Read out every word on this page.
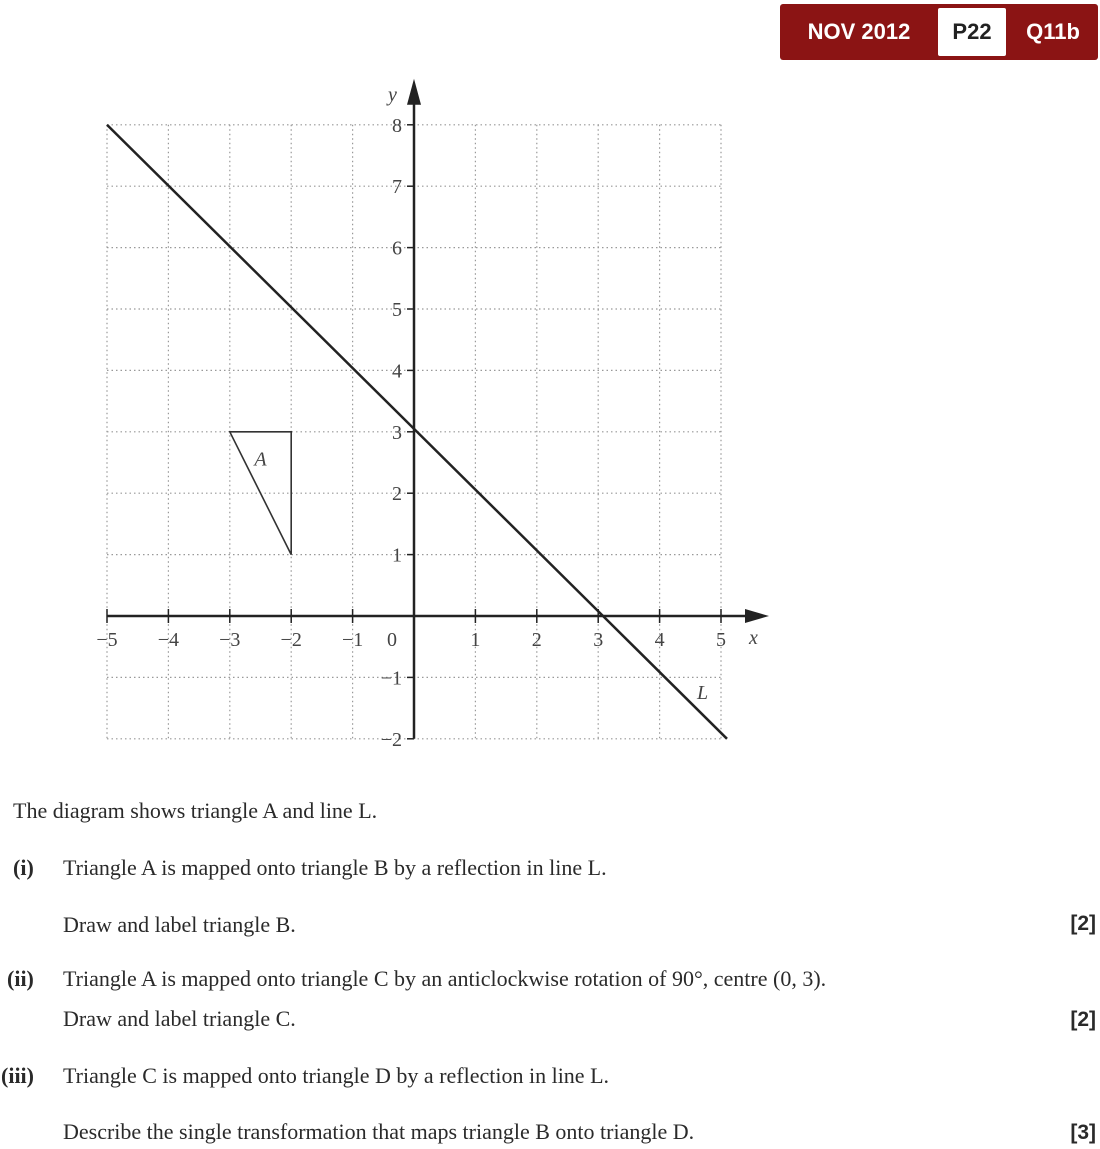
NOV 2012	P22	Q11b
−5 −4 −3 −2 −1 0	1	2	3	4	5 x
8
7
6
5
4
3
2
1
−1
−2
y
A
L
The diagram shows triangle A and line L.
(i) Triangle A is mapped onto triangle B by a reflection in line L.
Draw and label triangle B.	[2]
(ii) Triangle A is mapped onto triangle C by an anticlockwise rotation of 90°, centre (0, 3).
Draw and label triangle C.	[2]
(iii) Triangle C is mapped onto triangle D by a reflection in line L.
Describe the single transformation that maps triangle B onto triangle D.	[3]
